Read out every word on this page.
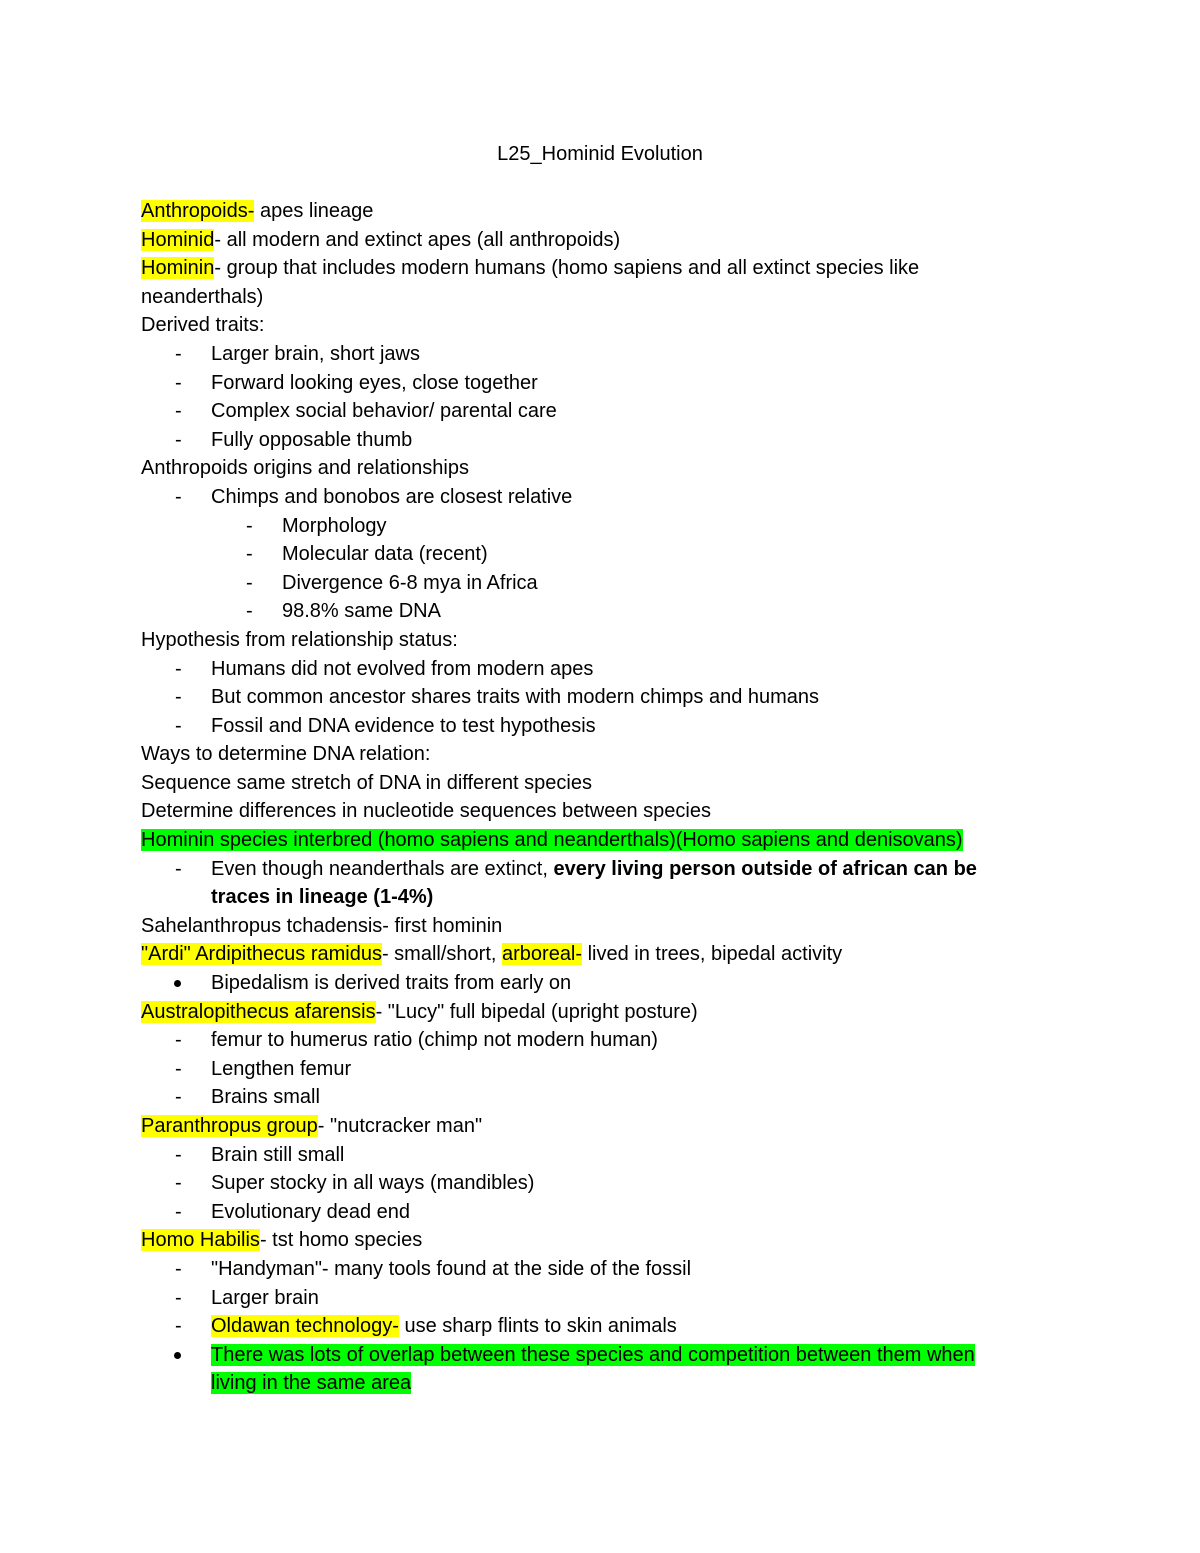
L25_Hominid Evolution
Anthropoids- apes lineage
Hominid- all modern and extinct apes (all anthropoids)
Hominin- group that includes modern humans (homo sapiens and all extinct species like
neanderthals)
Derived traits:
- Larger brain, short jaws
- Forward looking eyes, close together
- Complex social behavior/ parental care
- Fully opposable thumb
Anthropoids origins and relationships
- Chimps and bonobos are closest relative
- Morphology
- Molecular data (recent)
- Divergence 6-8 mya in Africa
- 98.8% same DNA
Hypothesis from relationship status:
- Humans did not evolved from modern apes
- But common ancestor shares traits with modern chimps and humans
- Fossil and DNA evidence to test hypothesis
Ways to determine DNA relation:
Sequence same stretch of DNA in different species
Determine differences in nucleotide sequences between species
Hominin species interbred (homo sapiens and neanderthals)(Homo sapiens and denisovans)
- Even though neanderthals are extinct, every living person outside of african can be
traces in lineage (1-4%)
Sahelanthropus tchadensis- first hominin
"Ardi" Ardipithecus ramidus- small/short, arboreal- lived in trees, bipedal activity
Bipedalism is derived traits from early on
Australopithecus afarensis- "Lucy" full bipedal (upright posture)
- femur to humerus ratio (chimp not modern human)
- Lengthen femur
- Brains small
Paranthropus group- "nutcracker man"
- Brain still small
- Super stocky in all ways (mandibles)
- Evolutionary dead end
Homo Habilis- tst homo species
- "Handyman"- many tools found at the side of the fossil
- Larger brain
- Oldawan technology- use sharp flints to skin animals
There was lots of overlap between these species and competition between them when
living in the same area
